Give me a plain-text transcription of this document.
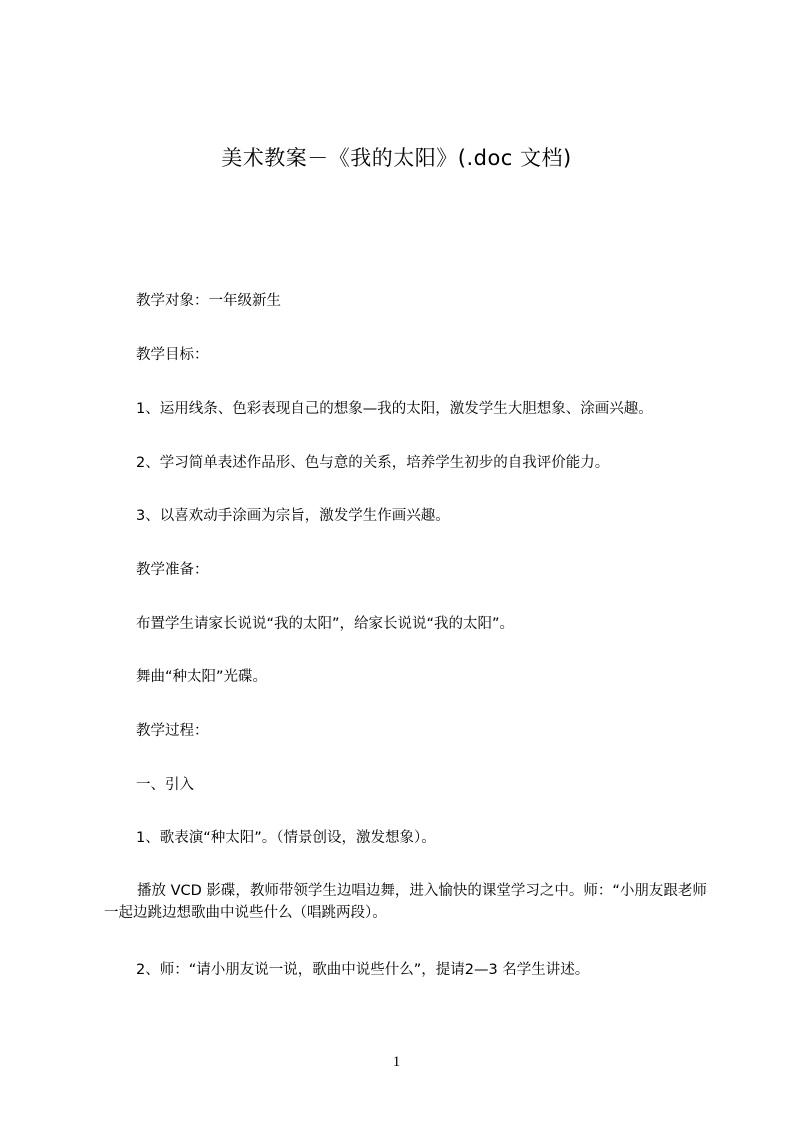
美术教案－《我的太阳》(.doc 文档)
教学对象：一年级新生
教学目标：
1、运用线条、色彩表现自己的想象—我的太阳，激发学生大胆想象、涂画兴趣。
2、学习简单表述作品形、色与意的关系，培养学生初步的自我评价能力。
3、以喜欢动手涂画为宗旨，激发学生作画兴趣。
教学准备：
布置学生请家长说说“我的太阳”，给家长说说“我的太阳”。
舞曲“种太阳”光碟。
教学过程：
一、引入
1、歌表演“种太阳”。（情景创设，激发想象）。
播放 VCD 影碟，教师带领学生边唱边舞，进入愉快的课堂学习之中。师：“小朋友跟老师一起边跳边想歌曲中说些什么（唱跳两段）。
2、师：“请小朋友说一说，歌曲中说些什么”，提请2—3 名学生讲述。
1
